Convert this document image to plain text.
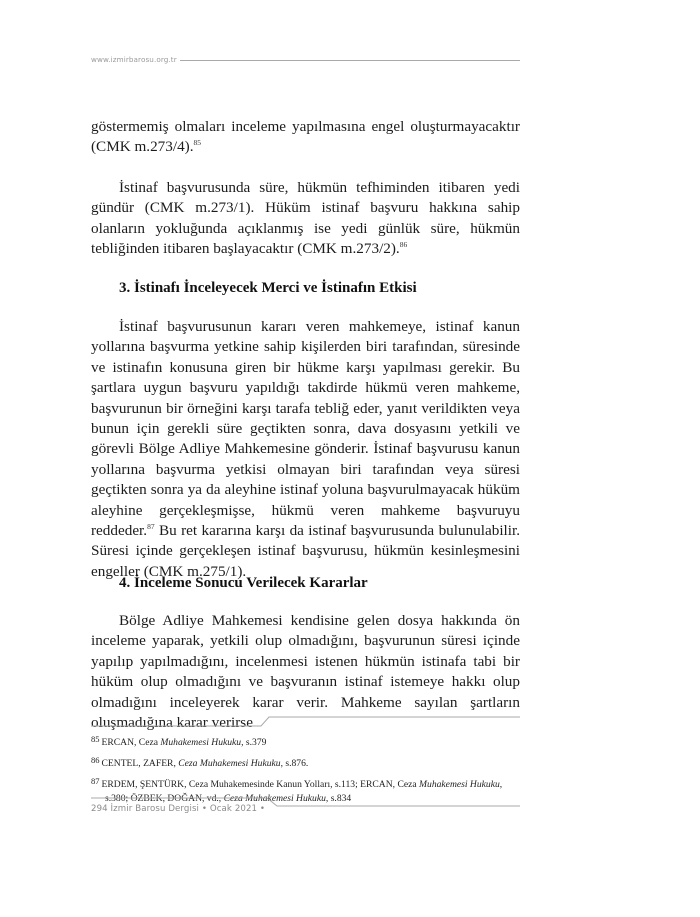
www.izmirbarosu.org.tr

göstermemiş olmaları inceleme yapılmasına engel oluşturmayacaktır (CMK m.273/4).$^{85}$

İstinaf başvurusunda süre, hükmün tefhiminden itibaren yedi gündür (CMK m.273/1). Hüküm istinaf başvuru hakkına sahip olanların yokluğunda açıklanmış ise yedi günlük süre, hükmün tebliğinden itibaren başlayacaktır (CMK m.273/2).$^{86}$

3. İstinafı İnceleyecek Merci ve İstinafın Etkisi

İstinaf başvurusunun kararı veren mahkemeye, istinaf kanun yollarına başvurma yetkine sahip kişilerden biri tarafından, süresinde ve istinafın konusuna giren bir hükme karşı yapılması gerekir. Bu şartlara uygun başvuru yapıldığı takdirde hükmü veren mahkeme, başvurunun bir örneğini karşı tarafa tebliğ eder, yanıt verildikten veya bunun için gerekli süre geçtikten sonra, dava dosyasını yetkili ve görevli Bölge Adliye Mahkemesine gönderir. İstinaf başvurusu kanun yollarına başvurma yetkisi olmayan biri tarafından veya süresi geçtikten sonra ya da aleyhine istinaf yoluna başvurulmayacak hüküm aleyhine gerçekleşmişse, hükmü veren mahkeme başvuruyu reddeder.$^{87}$ Bu ret kararına karşı da istinaf başvurusunda bulunulabilir. Süresi içinde gerçekleşen istinaf başvurusu, hükmün kesinleşmesini engeller (CMK m.275/1).

4. İnceleme Sonucu Verilecek Kararlar

Bölge Adliye Mahkemesi kendisine gelen dosya hakkında ön inceleme yaparak, yetkili olup olmadığını, başvurunun süresi içinde yapılıp yapılmadığını, incelenmesi istenen hükmün istinafa tabi bir hüküm olup olmadığını ve başvuranın istinaf istemeye hakkı olup olmadığını inceleyerek karar verir. Mahkeme sayılan şartların oluşmadığına karar verirse

85 ERCAN, Ceza Muhakemesi Hukuku, s.379
86 CENTEL, ZAFER, Ceza Muhakemesi Hukuku, s.876.
87 ERDEM, ŞENTÜRK, Ceza Muhakemesinde Kanun Yolları, s.113; ERCAN, Ceza Muhakemesi Hukuku,
s.380; ÖZBEK, DOĞAN, vd., Ceza Muhakemesi Hukuku, s.834
294 İzmir Barosu Dergisi • Ocak 2021 •
